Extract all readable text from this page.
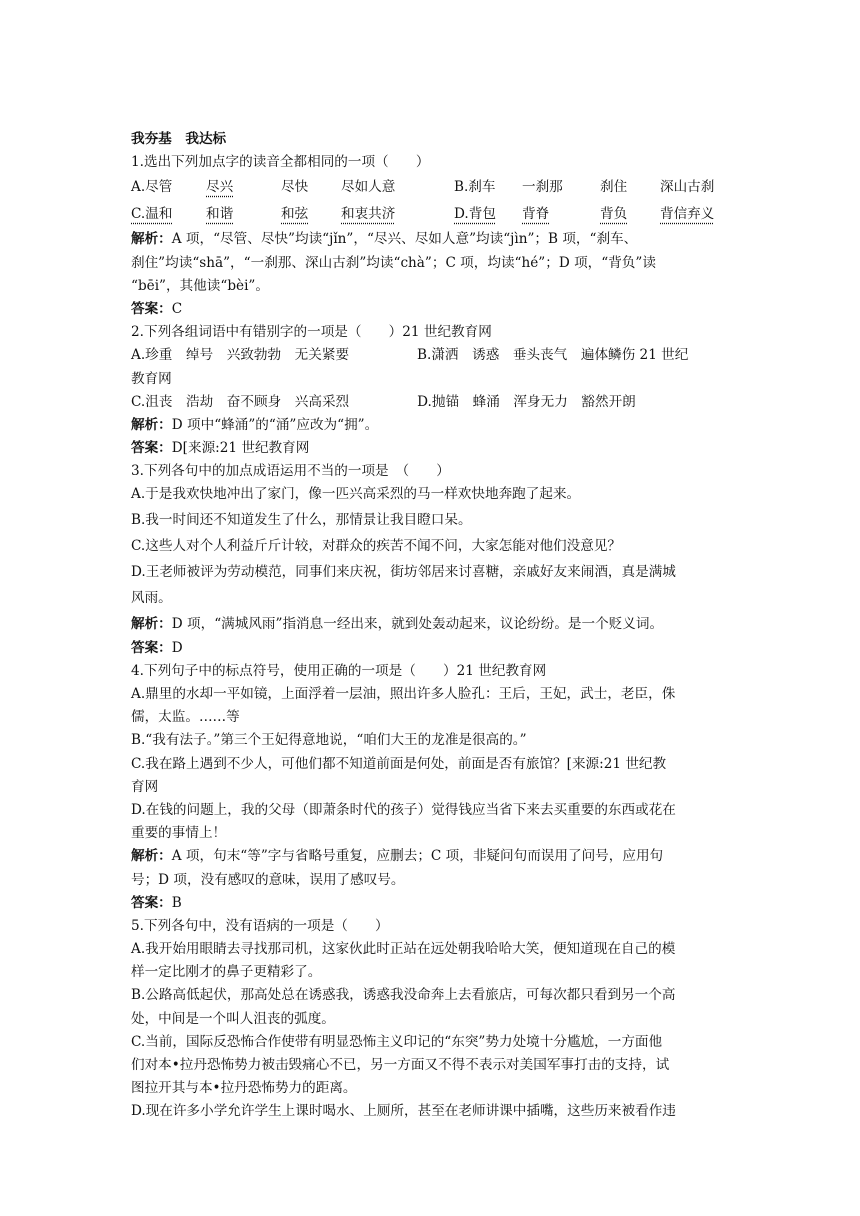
我夯基　我达标
1.选出下列加点字的读音全都相同的一项（　　）
A.尽管	尽兴	尽快	尽如人意	B.刹车	一刹那	刹住	深山古刹
C.温和	和谐	和弦	和衷共济	D.背包	背脊	背负	背信弃义
解析：A 项，“尽管、尽快”均读“jǐn”，“尽兴、尽如人意”均读“jìn”；B 项，“刹车、
刹住”均读“shā”，“一刹那、深山古刹”均读“chà”；C 项，均读“hé”；D 项，“背负”读
“bēi”，其他读“bèi”。
答案：C
2.下列各组词语中有错别字的一项是（　　）21 世纪教育网
A.珍重　绰号　兴致勃勃　无关紧要　　　　　B.潇洒　诱惑　垂头丧气　遍体鳞伤 21 世纪
教育网
C.沮丧　浩劫　奋不顾身　兴高采烈　　　　　D.抛锚　蜂涌　浑身无力　豁然开朗
解析：D 项中“蜂涌”的“涌”应改为“拥”。
答案：D[来源:21 世纪教育网
3.下列各句中的加点成语运用不当的一项是　（　　）
A.于是我欢快地冲出了家门，像一匹兴高采烈的马一样欢快地奔跑了起来。
B.我一时间还不知道发生了什么，那情景让我目瞪口呆。
C.这些人对个人利益斤斤计较，对群众的疾苦不闻不问，大家怎能对他们没意见？
D.王老师被评为劳动模范，同事们来庆祝，街坊邻居来讨喜糖，亲戚好友来闹酒，真是满城
风雨。
解析：D 项，“满城风雨”指消息一经出来，就到处轰动起来，议论纷纷。是一个贬义词。
答案：D
4.下列句子中的标点符号，使用正确的一项是（　　）21 世纪教育网
A.鼎里的水却一平如镜，上面浮着一层油，照出许多人脸孔：王后，王妃，武士，老臣，侏
儒，太监。……等
B.“我有法子。”第三个王妃得意地说，“咱们大王的龙准是很高的。”
C.我在路上遇到不少人，可他们都不知道前面是何处，前面是否有旅馆？[来源:21 世纪教
育网
D.在钱的问题上，我的父母（即萧条时代的孩子）觉得钱应当省下来去买重要的东西或花在
重要的事情上！
解析：A 项，句末“等”字与省略号重复，应删去；C 项，非疑问句而误用了问号，应用句
号；D 项，没有感叹的意味，误用了感叹号。
答案：B
5.下列各句中，没有语病的一项是（　　）
A.我开始用眼睛去寻找那司机，这家伙此时正站在远处朝我哈哈大笑，便知道现在自己的模
样一定比刚才的鼻子更精彩了。
B.公路高低起伏，那高处总在诱惑我，诱惑我没命奔上去看旅店，可每次都只看到另一个高
处，中间是一个叫人沮丧的弧度。
C.当前，国际反恐怖合作使带有明显恐怖主义印记的“东突”势力处境十分尴尬，一方面他
们对本•拉丹恐怖势力被击毁痛心不已，另一方面又不得不表示对美国军事打击的支持，试
图拉开其与本•拉丹恐怖势力的距离。
D.现在许多小学允许学生上课时喝水、上厕所，甚至在老师讲课中插嘴，这些历来被看作违
